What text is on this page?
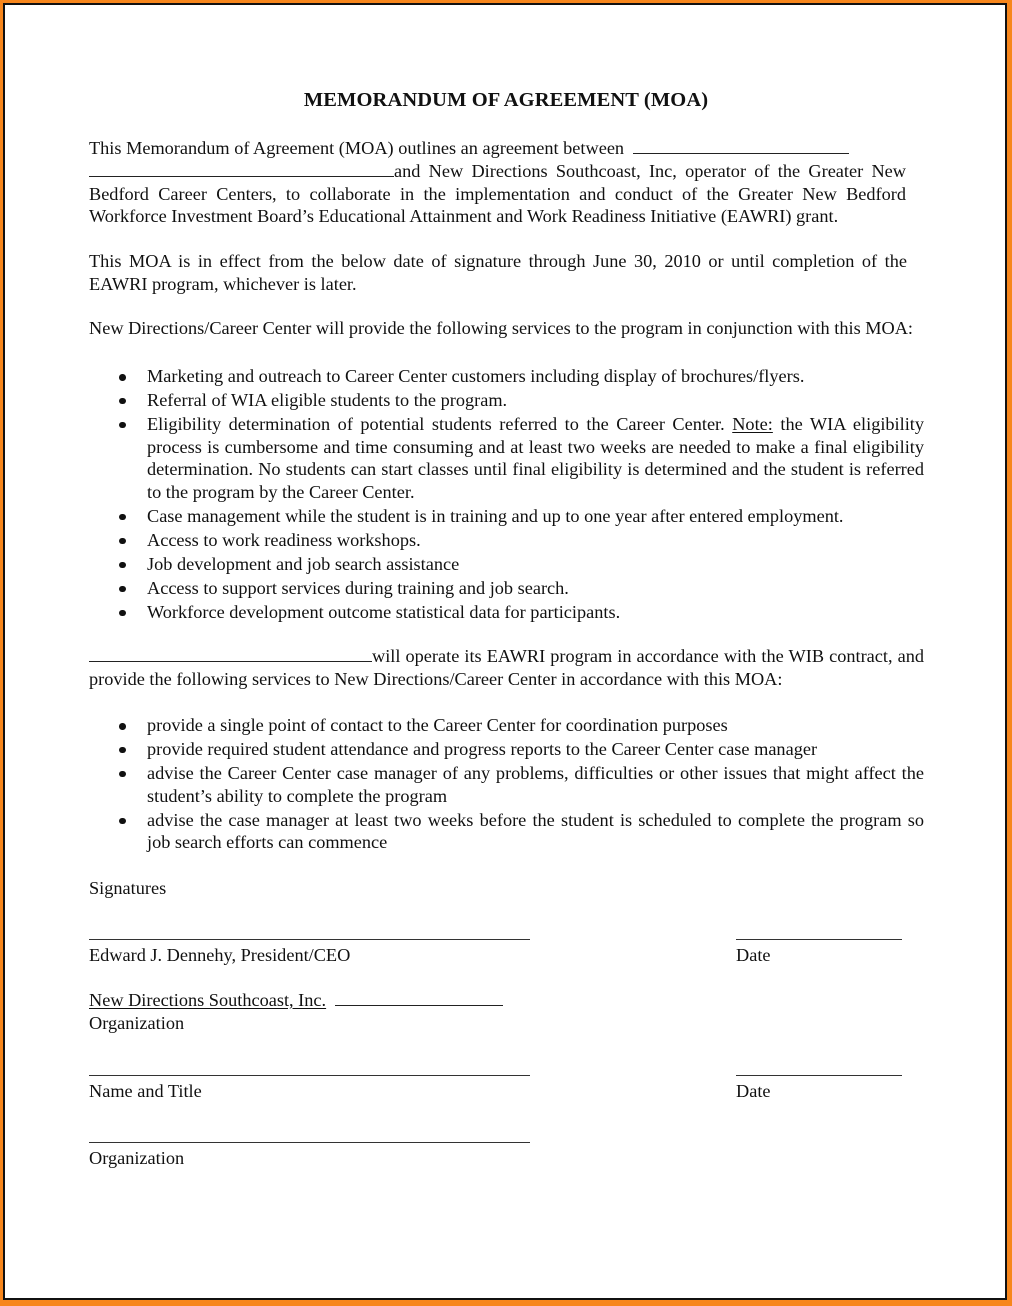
MEMORANDUM OF AGREEMENT (MOA)
This Memorandum of Agreement (MOA) outlines an agreement between
and New Directions Southcoast, Inc, operator of the Greater New
Bedford Career Centers, to collaborate in the implementation and conduct of the Greater New Bedford
Workforce Investment Board’s Educational Attainment and Work Readiness Initiative (EAWRI) grant.
This MOA is in effect from the below date of signature through June 30, 2010 or until completion of the
EAWRI program, whichever is later.
New Directions/Career Center will provide the following services to the program in conjunction with this MOA:
Marketing and outreach to Career Center customers including display of brochures/flyers.
Referral of WIA eligible students to the program.
Eligibility determination of potential students referred to the Career Center. Note: the WIA eligibility process is cumbersome and time consuming and at least two weeks are needed to make a final eligibility determination. No students can start classes until final eligibility is determined and the student is referred to the program by the Career Center.
Case management while the student is in training and up to one year after entered employment.
Access to work readiness workshops.
Job development and job search assistance
Access to support services during training and job search.
Workforce development outcome statistical data for participants.
will operate its EAWRI program in accordance with the WIB contract, and provide the following services to New Directions/Career Center in accordance with this MOA:
provide a single point of contact to the Career Center for coordination purposes
provide required student attendance and progress reports to the Career Center case manager
advise the Career Center case manager of any problems, difficulties or other issues that might affect the student’s ability to complete the program
advise the case manager at least two weeks before the student is scheduled to complete the program so job search efforts can commence
Signatures
Edward J. Dennehy, President/CEO	Date
New Directions Southcoast, Inc.
Organization
Name and Title	Date
Organization
